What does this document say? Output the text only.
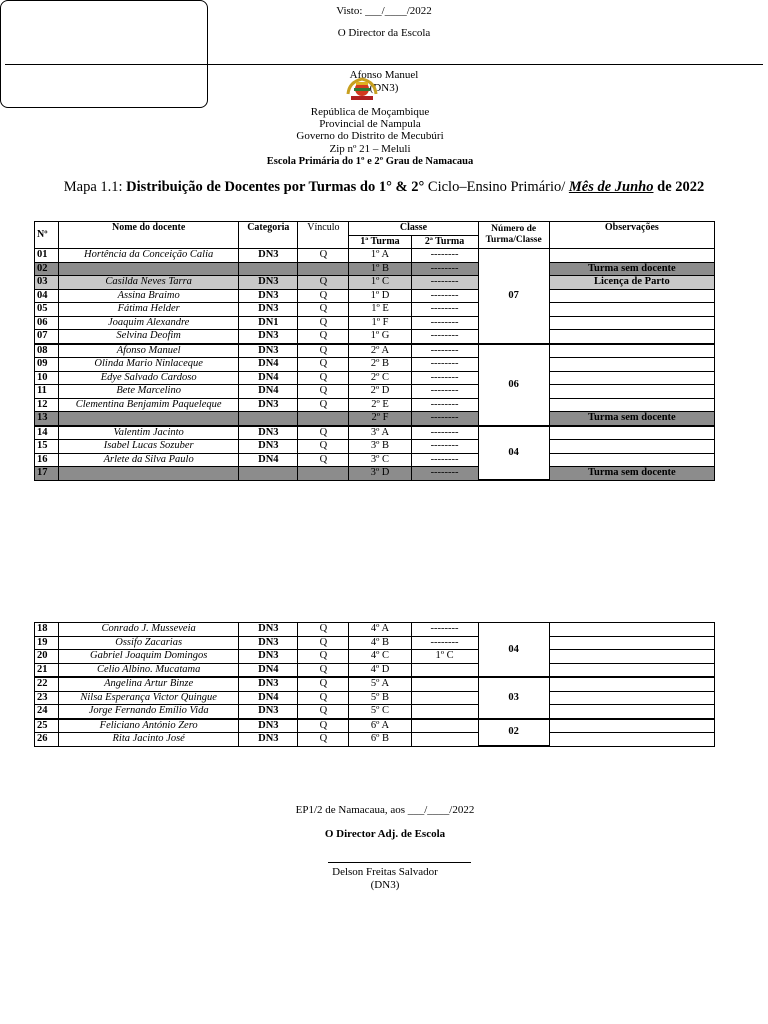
Visto: ___/____/2022
O Director da Escola
Afonso Manuel
(DN3)
República de Moçambique
Provincial de Nampula
Governo do Distrito de Mecubúri
Zip nº 21 – Meluli
Escola Primária do 1º e 2º Grau de Namacaua
Mapa 1.1: Distribuição de Docentes por Turmas do 1° & 2° Ciclo–Ensino Primário/ Mês de Junho de 2022
Nº	Nome do docente	Categoria	Vínculo	Classe		Número de Turma/Classe	Observações
				1ª Turma	2ª Turma		
01	Hortência da Conceição Calia	DN3	Q	1º A	--------	07	
02				1º B	--------		Turma sem docente
03	Casilda Neves Tarra	DN3	Q	1º C	--------		Licença de Parto
04	Assina Braimo	DN3	Q	1º D	--------		
05	Fátima Helder	DN3	Q	1º E	--------		
06	Joaquim Alexandre	DN1	Q	1º F	--------		
07	Selvina Deofim	DN3	Q	1º G	--------		
08	Afonso Manuel	DN3	Q	2º A	--------	06	
09	Olinda Mario Ninlaceque	DN4	Q	2º B	--------		
10	Edye Salvado Cardoso	DN4	Q	2º C	--------		
11	Bete Marcelino	DN4	Q	2º D	--------		
12	Clementina Benjamim Paqueleque	DN3	Q	2º E	--------		
13				2º F	--------		Turma sem docente
14	Valentim Jacinto	DN3	Q	3º A	--------	04	
15	Isabel Lucas Sozuber	DN3	Q	3º B	--------		
16	Arlete da Silva Paulo	DN4	Q	3º C	--------		
17				3º D	--------		Turma sem docente
18	Conrado J. Musseveia	DN3	Q	4º A	--------	04	
19	Ossifo Zacarias	DN3	Q	4º B	--------		
20	Gabriel Joaquim Domingos	DN3	Q	4º C	1º C		
21	Celio Albino. Mucatama	DN4	Q	4º D			
22	Angelina Artur Binze	DN3	Q	5º A		03	
23	Nilsa Esperança Victor Quingue	DN4	Q	5º B			
24	Jorge Fernando Emílio Vida	DN3	Q	5º C			
25	Feliciano António Zero	DN3	Q	6º A		02	
26	Rita Jacinto José	DN3	Q	6º B			
EP1/2 de Namacaua, aos ___/____/2022
O Director Adj. de Escola
Delson Freitas Salvador
(DN3)
